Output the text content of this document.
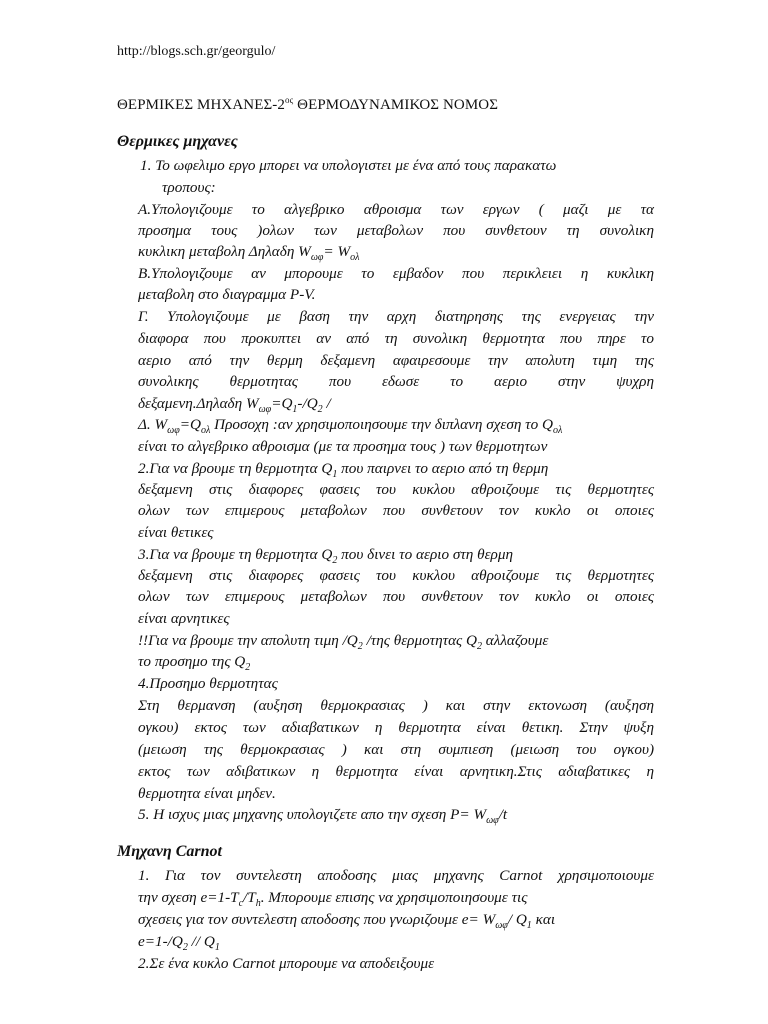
http://blogs.sch.gr/georgulo/
ΘΕΡΜΙΚΕΣ ΜΗΧΑΝΕΣ-$2^{o\varsigma}$ ΘΕΡΜΟΔΥΝΑΜΙΚΟΣ ΝΟΜΟΣ
Θερμικες μηχανες
1. Το ωφελιμο εργο μπορει να υπολογιστει με ένα από τους παρακατω
τροπους:
Α.Υπολογιζουμε το αλγεβρικο αθροισμα των εργων ( μαζι με τα
προσημα τους )ολων των μεταβολων που συνθετουν τη συνολικη
κυκλικη μεταβολη Δηλαδη $W_{\omega\varphi}= W_{o\lambda}$
Β.Υπολογιζουμε αν μπορουμε το εμβαδον που περικλειει η κυκλικη
μεταβολη στο διαγραμμα P-V.
Γ. Υπολογιζουμε με βαση την αρχη διατηρησης της ενεργειας την
διαφορα που προκυπτει αν από τη συνολικη θερμοτητα που πηρε το
αεριο από την θερμη δεξαμενη αφαιρεσουμε την απολυτη τιμη της
συνολικης θερμοτητας που εδωσε το αεριο στην ψυχρη
δεξαμενη.Δηλαδη $W_{\omega\varphi}=Q_1-/Q_2$ /
Δ. $W_{\omega\varphi}=Q_{o\lambda}$ Προσοχη :αν χρησιμοποιησουμε την διπλανη σχεση το $Q_{o\lambda}$
είναι το αλγεβρικο αθροισμα (με τα προσημα τους ) των θερμοτητων
2.Για να βρουμε τη θερμοτητα $Q_1$ που παιρνει το αεριο από τη θερμη
δεξαμενη στις διαφορες φασεις του κυκλου αθροιζουμε τις θερμοτητες
ολων των επιμερους μεταβολων που συνθετουν τον κυκλο οι οποιες
είναι θετικες
3.Για να βρουμε τη θερμοτητα $Q_2$ που δινει το αεριο στη θερμη
δεξαμενη στις διαφορες φασεις του κυκλου αθροιζουμε τις θερμοτητες
ολων των επιμερους μεταβολων που συνθετουν τον κυκλο οι οποιες
είναι αρνητικες
!!Για να βρουμε την απολυτη τιμη $/Q_2$ /της θερμοτητας $Q_2$ αλλαζουμε
το προσημο της $Q_2$
4.Προσημο θερμοτητας
Στη θερμανση (αυξηση θερμοκρασιας ) και στην εκτονωση (αυξηση
ογκου) εκτος των αδιαβατικων η θερμοτητα είναι θετικη. Στην ψυξη
(μειωση της θερμοκρασιας ) και στη συμπιεση (μειωση του ογκου)
εκτος των αδιβατικων η θερμοτητα είναι αρνητικη.Στις αδιαβατικες η
θερμοτητα είναι μηδεν.
5. Η ισχυς μιας μηχανης υπολογιζετε απο την σχεση $P= W_{\omega\varphi}/t$
Μηχανη Carnot
1. Για τον συντελεστη αποδοσης μιας μηχανης Carnot χρησιμοποιουμε
την σχεση $e=1-T_c/T_h$. Μπορουμε επισης να χρησιμοποιησουμε τις
σχεσεις για τον συντελεστη αποδοσης που γνωριζουμε $e= W_{\omega\varphi}/$ $Q_1$ και
$e=1-/Q_2 // Q_1$
2.Σε ένα κυκλο Carnot μπορουμε να αποδειξουμε
